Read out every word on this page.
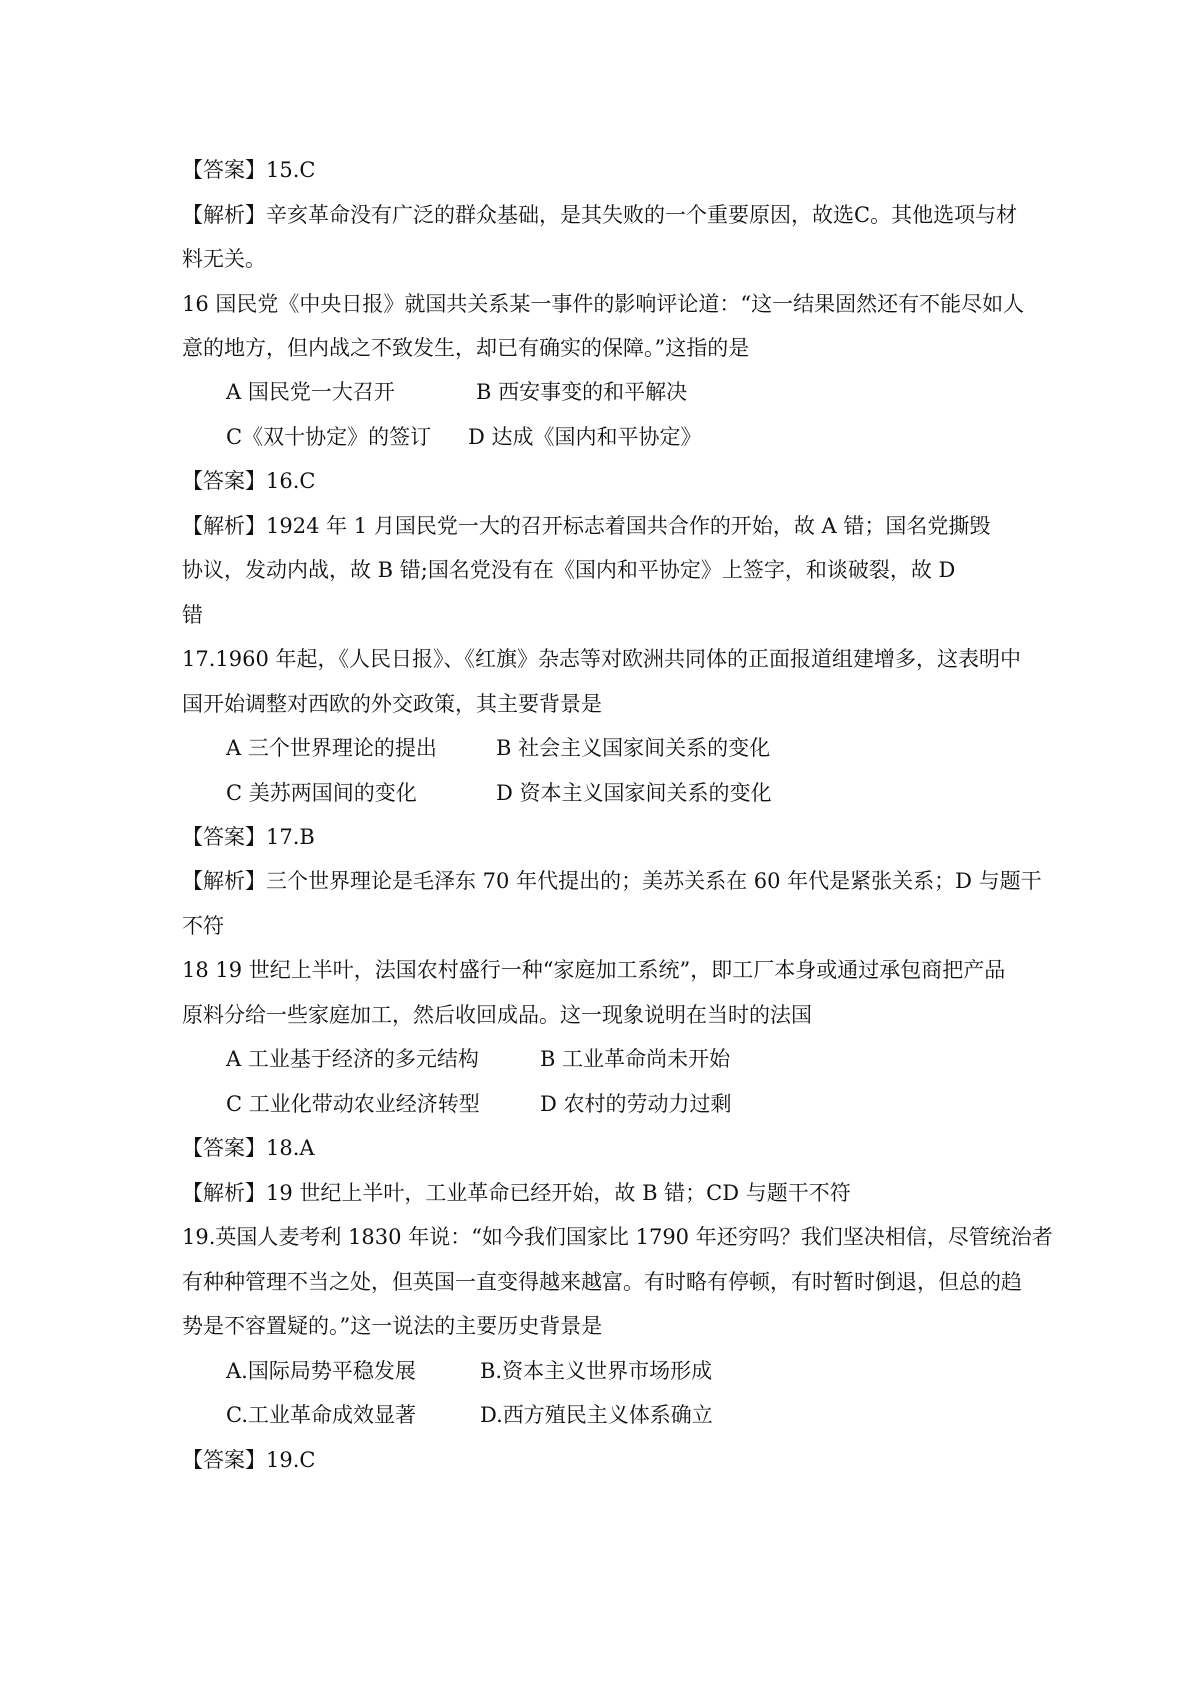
【答案】15.C
【解析】辛亥革命没有广泛的群众基础，是其失败的一个重要原因，故选C。其他选项与材
料无关。
16 国民党《中央日报》就国共关系某一事件的影响评论道：“这一结果固然还有不能尽如人
意的地方，但内战之不致发生，却已有确实的保障。”这指的是
A 国民党一大召开	B 西安事变的和平解决
C《双十协定》的签订 D 达成《国内和平协定》
【答案】16.C
【解析】1924 年 1 月国民党一大的召开标志着国共合作的开始，故 A 错；国名党撕毁
协议，发动内战，故 B 错;国名党没有在《国内和平协定》上签字，和谈破裂，故 D
错
17.1960 年起，《人民日报》、《红旗》杂志等对欧洲共同体的正面报道组建增多，这表明中
国开始调整对西欧的外交政策，其主要背景是
A 三个世界理论的提出	B 社会主义国家间关系的变化
C 美苏两国间的变化	D 资本主义国家间关系的变化
【答案】17.B
【解析】三个世界理论是毛泽东 70 年代提出的；美苏关系在 60 年代是紧张关系；D 与题干
不符
18 19 世纪上半叶，法国农村盛行一种“家庭加工系统”，即工厂本身或通过承包商把产品
原料分给一些家庭加工，然后收回成品。这一现象说明在当时的法国
A 工业基于经济的多元结构	B 工业革命尚未开始
C 工业化带动农业经济转型	D 农村的劳动力过剩
【答案】18.A
【解析】19 世纪上半叶，工业革命已经开始，故 B 错；CD 与题干不符
19.英国人麦考利 1830 年说：“如今我们国家比 1790 年还穷吗？我们坚决相信，尽管统治者
有种种管理不当之处，但英国一直变得越来越富。有时略有停顿，有时暂时倒退，但总的趋
势是不容置疑的。”这一说法的主要历史背景是
A.国际局势平稳发展	B.资本主义世界市场形成
C.工业革命成效显著	D.西方殖民主义体系确立
【答案】19.C
